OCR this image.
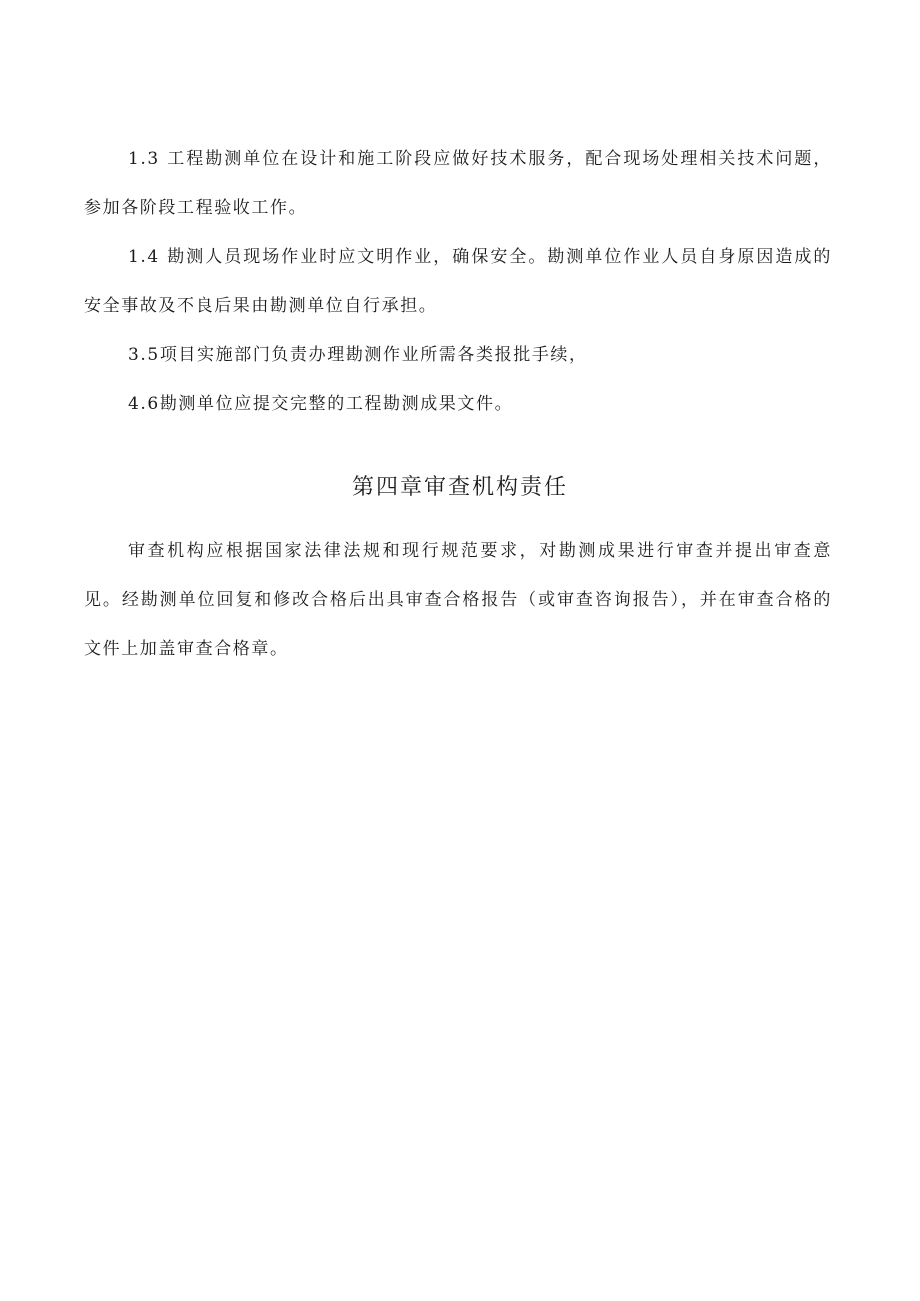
1.3 工程勘测单位在设计和施工阶段应做好技术服务，配合现场处理相关技术问题，参加各阶段工程验收工作。

1.4 勘测人员现场作业时应文明作业，确保安全。勘测单位作业人员自身原因造成的安全事故及不良后果由勘测单位自行承担。

3.5项目实施部门负责办理勘测作业所需各类报批手续，

4.6勘测单位应提交完整的工程勘测成果文件。

第四章审查机构责任

审查机构应根据国家法律法规和现行规范要求，对勘测成果进行审查并提出审查意见。经勘测单位回复和修改合格后出具审查合格报告（或审查咨询报告），并在审查合格的文件上加盖审查合格章。
